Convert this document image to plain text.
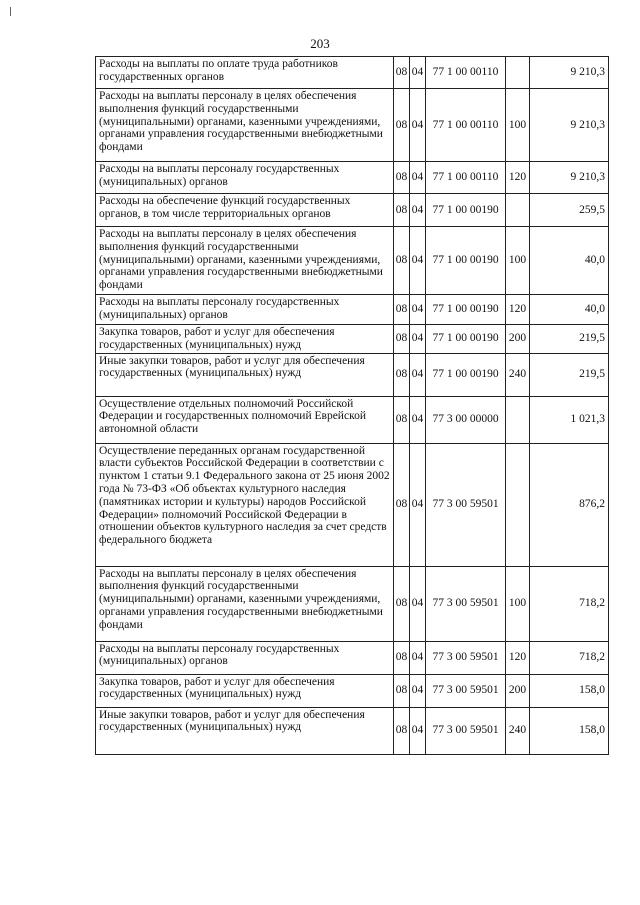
203
Расходы на выплаты по оплате труда работников государственных органов	08	04	77 1 00 00110		9 210,3
Расходы на выплаты персоналу в целях обеспечения выполнения функций государственными (муниципальными) органами, казенными учреждениями, органами управления государственными внебюджетными фондами	08	04	77 1 00 00110	100	9 210,3
Расходы на выплаты персоналу государственных (муниципальных) органов	08	04	77 1 00 00110	120	9 210,3
Расходы на обеспечение функций государственных органов, в том числе территориальных органов	08	04	77 1 00 00190		259,5
Расходы на выплаты персоналу в целях обеспечения выполнения функций государственными (муниципальными) органами, казенными учреждениями, органами управления государственными внебюджетными фондами	08	04	77 1 00 00190	100	40,0
Расходы на выплаты персоналу государственных (муниципальных) органов	08	04	77 1 00 00190	120	40,0
Закупка товаров, работ и услуг для обеспечения государственных (муниципальных) нужд	08	04	77 1 00 00190	200	219,5
Иные закупки товаров, работ и услуг для обеспечения государственных (муниципальных) нужд	08	04	77 1 00 00190	240	219,5
Осуществление отдельных полномочий Российской Федерации и государственных полномочий Еврейской автономной области	08	04	77 3 00 00000		1 021,3
Осуществление переданных органам государственной власти субъектов Российской Федерации в соответствии с пунктом 1 статьи 9.1 Федерального закона от 25 июня 2002 года № 73-ФЗ «Об объектах культурного наследия (памятниках истории и культуры) народов Российской Федерации» полномочий Российской Федерации в отношении объектов культурного наследия за счет средств федерального бюджета	08	04	77 3 00 59501		876,2
Расходы на выплаты персоналу в целях обеспечения выполнения функций государственными (муниципальными) органами, казенными учреждениями, органами управления государственными внебюджетными фондами	08	04	77 3 00 59501	100	718,2
Расходы на выплаты персоналу государственных (муниципальных) органов	08	04	77 3 00 59501	120	718,2
Закупка товаров, работ и услуг для обеспечения государственных (муниципальных) нужд	08	04	77 3 00 59501	200	158,0
Иные закупки товаров, работ и услуг для обеспечения государственных (муниципальных) нужд	08	04	77 3 00 59501	240	158,0
